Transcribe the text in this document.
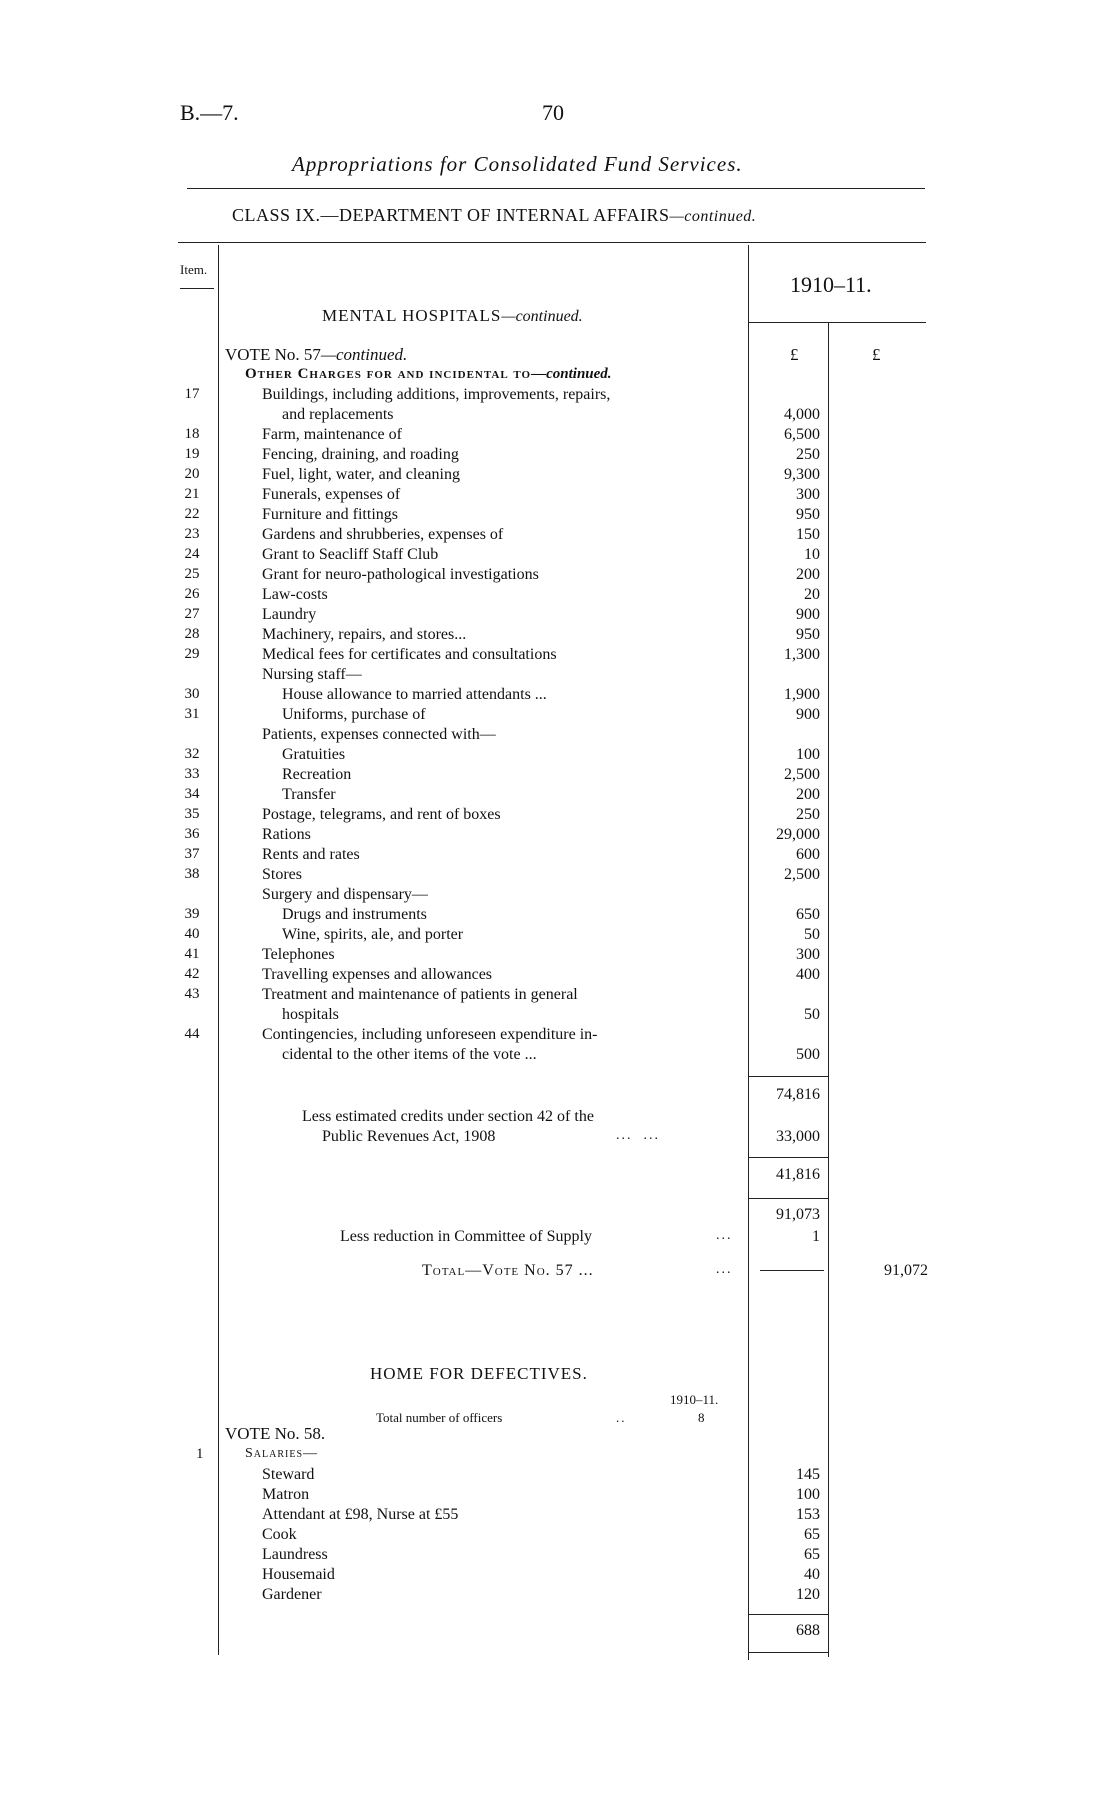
B.—7.	70
Appropriations for Consolidated Fund Services.
CLASS IX.—DEPARTMENT OF INTERNAL AFFAIRS—continued.
Item.
1910–11.
MENTAL HOSPITALS—continued.
VOTE No. 57—continued.	£	£
Other Charges for and incidental to—continued.
17	Buildings, including additions, improvements, repairs,
and replacements	4,000
18	Farm, maintenance of	6,500
19	Fencing, draining, and roading	250
20	Fuel, light, water, and cleaning	9,300
21	Funerals, expenses of	300
22	Furniture and fittings	950
23	Gardens and shrubberies, expenses of	150
24	Grant to Seacliff Staff Club	10
25	Grant for neuro-pathological investigations	200
26	Law-costs	20
27	Laundry	900
28	Machinery, repairs, and stores...	950
29	Medical fees for certificates and consultations	1,300
Nursing staff—
30	House allowance to married attendants ...	1,900
31	Uniforms, purchase of	900
Patients, expenses connected with—
32	Gratuities	100
33	Recreation	2,500
34	Transfer	200
35	Postage, telegrams, and rent of boxes	250
36	Rations	29,000
37	Rents and rates	600
38	Stores	2,500
Surgery and dispensary—
39	Drugs and instruments	650
40	Wine, spirits, ale, and porter	50
41	Telephones	300
42	Travelling expenses and allowances	400
43	Treatment and maintenance of patients in general
hospitals	50
44	Contingencies, including unforeseen expenditure in-
cidental to the other items of the vote ...	500
74,816
Less estimated credits under section 42 of the
Public Revenues Act, 1908	...  ...	33,000
41,816
91,073
Less reduction in Committee of Supply	...	1
Total—Vote No. 57 ...	...	91,072
HOME FOR DEFECTIVES.
1910–11.
Total number of officers	..	8
VOTE No. 58.
1	Salaries—
Steward	145
Matron	100
Attendant at £98, Nurse at £55	153
Cook	65
Laundress	65
Housemaid	40
Gardener	120
688
